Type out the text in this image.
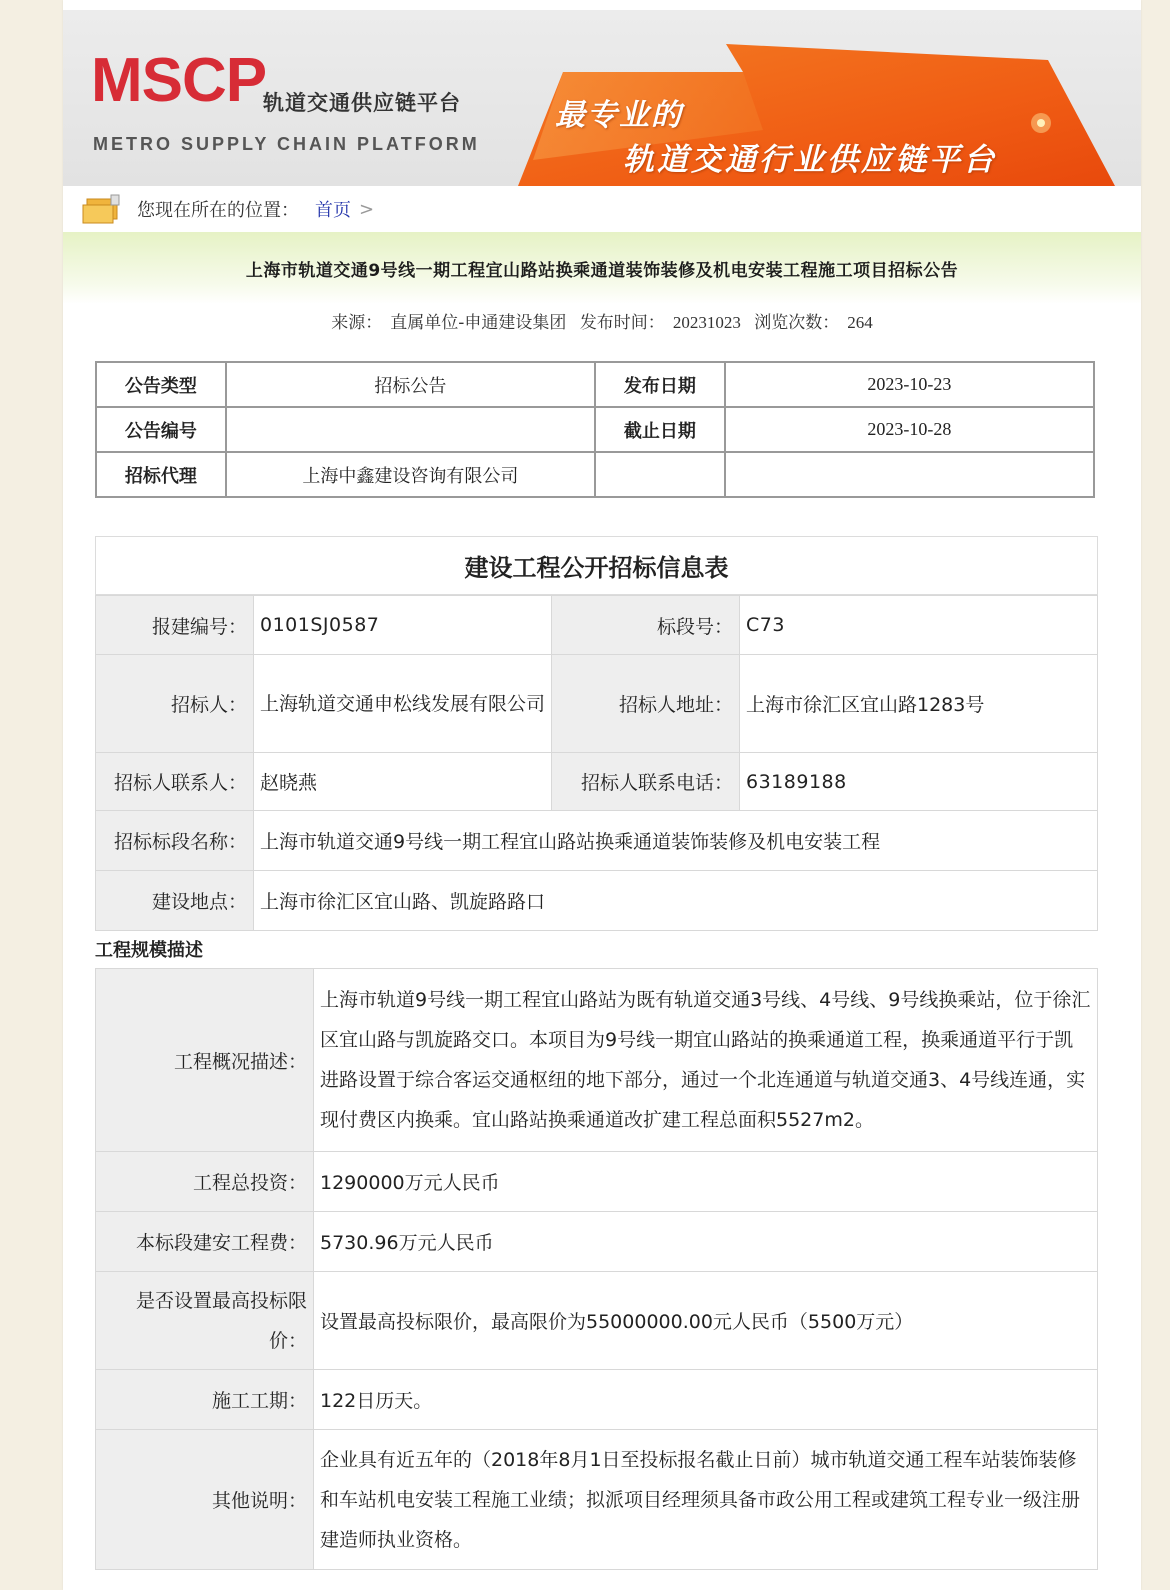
MSCP
轨道交通供应链平台
METRO SUPPLY CHAIN PLATFORM
最专业的
轨道交通行业供应链平台
您现在所在的位置： 首页 >
上海市轨道交通9号线一期工程宜山路站换乘通道装饰装修及机电安装工程施工项目招标公告
来源： 直属单位-申通建设集团 发布时间： 20231023 浏览次数： 264
公告类型	招标公告	发布日期	2023-10-23
公告编号		截止日期	2023-10-28
招标代理	上海中鑫建设咨询有限公司		
建设工程公开招标信息表
报建编号：	0101SJ0587	标段号：	C73
招标人：	上海轨道交通申松线发展有限公司	招标人地址：	上海市徐汇区宜山路1283号
招标人联系人：	赵晓燕	招标人联系电话：	63189188
招标标段名称：	上海市轨道交通9号线一期工程宜山路站换乘通道装饰装修及机电安装工程		
建设地点：	上海市徐汇区宜山路、凯旋路路口		
工程规模描述
工程概况描述：	上海市轨道9号线一期工程宜山路站为既有轨道交通3号线、4号线、9号线换乘站，位于徐汇区宜山路与凯旋路交口。本项目为9号线一期宜山路站的换乘通道工程，换乘通道平行于凯进路设置于综合客运交通枢纽的地下部分，通过一个北连通道与轨道交通3、4号线连通，实现付费区内换乘。宜山路站换乘通道改扩建工程总面积5527m2。
工程总投资：	1290000万元人民币
本标段建安工程费：	5730.96万元人民币
是否设置最高投标限价：	设置最高投标限价，最高限价为55000000.00元人民币（5500万元）
施工工期：	122日历天。
其他说明：	企业具有近五年的（2018年8月1日至投标报名截止日前）城市轨道交通工程车站装饰装修和车站机电安装工程施工业绩；拟派项目经理须具备市政公用工程或建筑工程专业一级注册建造师执业资格。
